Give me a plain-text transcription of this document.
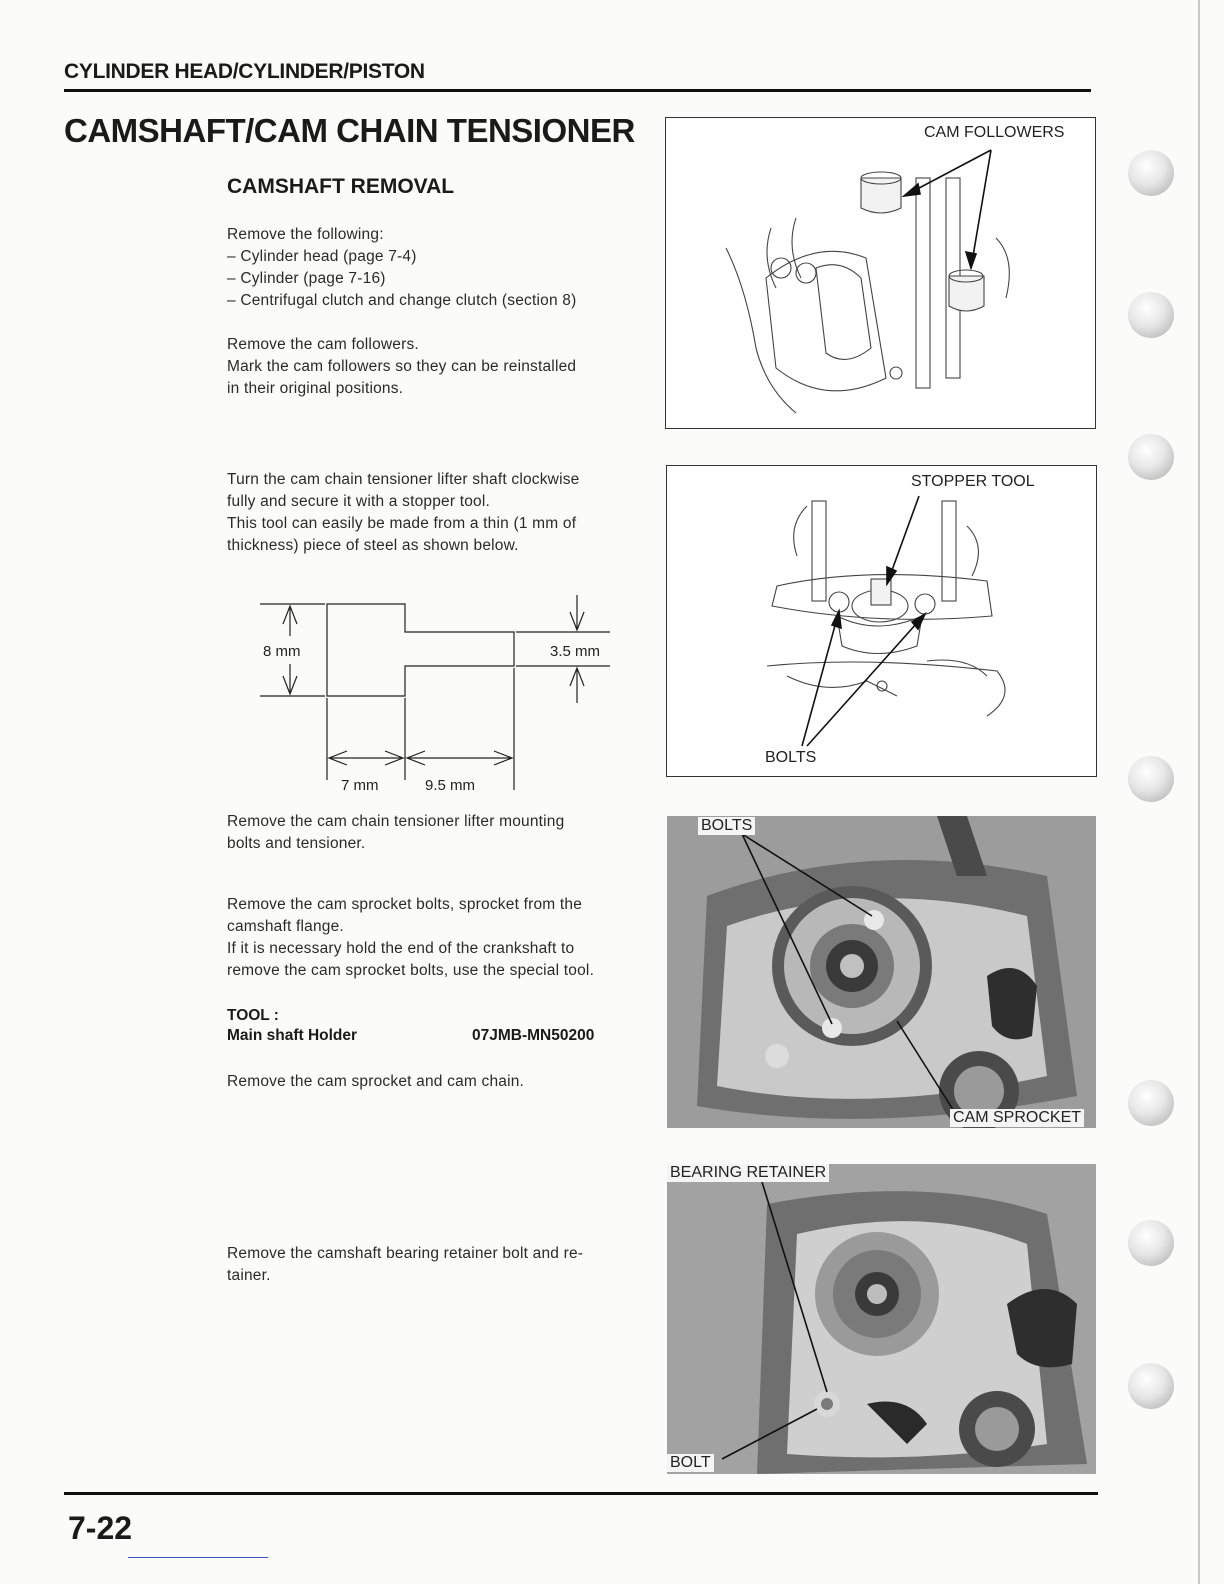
CYLINDER HEAD/CYLINDER/PISTON
CAMSHAFT/CAM CHAIN TENSIONER
CAMSHAFT REMOVAL

Remove the following:

– Cylinder head (page 7-4)

– Cylinder (page 7-16)

– Centrifugal clutch and change clutch (section 8)

Remove the cam followers.

Mark the cam followers so they can be reinstalled

in their original positions.

Turn the cam chain tensioner lifter shaft clockwise

fully and secure it with a stopper tool.

This tool can easily be made from a thin (1 mm of

thickness) piece of steel as shown below.

8 mm	3.5 mm
7 mm	9.5 mm

Remove the cam chain tensioner lifter mounting

bolts and tensioner.

Remove the cam sprocket bolts, sprocket from the

camshaft flange.

If it is necessary hold the end of the crankshaft to

remove the cam sprocket bolts, use the special tool.

TOOL :
Main shaft Holder	07JMB-MN50200
Remove the cam sprocket and cam chain.

Remove the camshaft bearing retainer bolt and re-

tainer.

CAM FOLLOWERS
STOPPER TOOL
BOLTS
BOLTS
CAM SPROCKET
BEARING RETAINER
BOLT
7-22
